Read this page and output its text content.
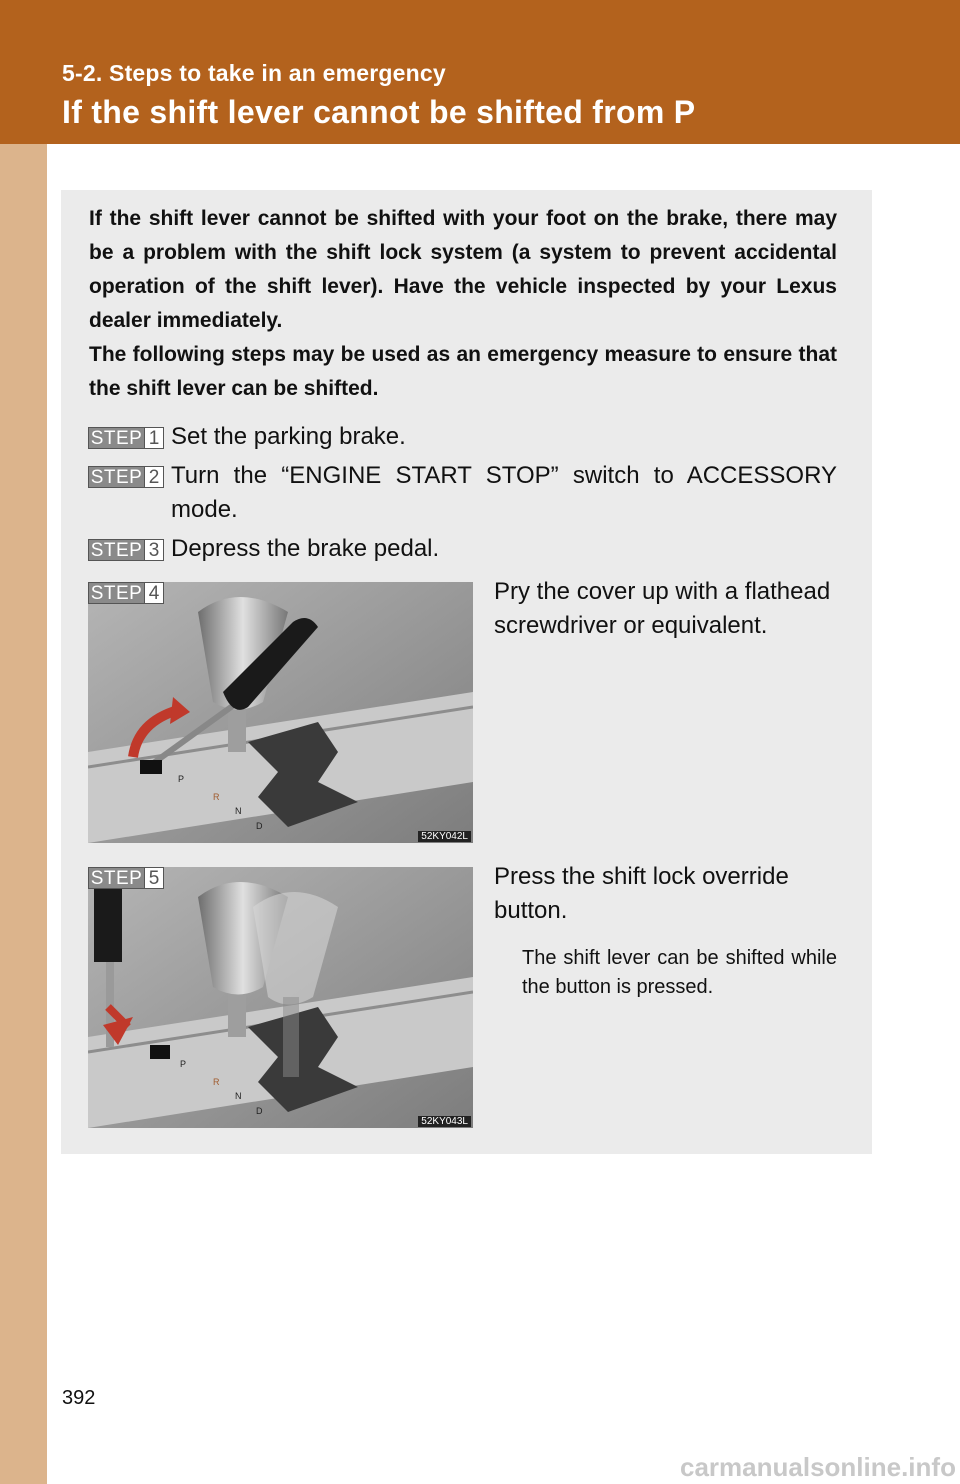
5-2. Steps to take in an emergency
If the shift lever cannot be shifted from P

If the shift lever cannot be shifted with your foot on the brake, there may be a problem with the shift lock system (a system to prevent accidental operation of the shift lever). Have the vehicle inspected by your Lexus dealer immediately.

The following steps may be used as an emergency measure to ensure that the shift lever can be shifted.

STEP 1 Set the parking brake.
STEP 2 Turn the “ENGINE START STOP” switch to ACCESSORY mode.
STEP 3 Depress the brake pedal.
P
R
N
D
STEP 4
52KY042L
Pry the cover up with a flathead screwdriver or equivalent.
P
R
N
D
STEP 5
52KY043L
Press the shift lock override button.
The shift lever can be shifted while the button is pressed.
392
carmanualsonline.info
